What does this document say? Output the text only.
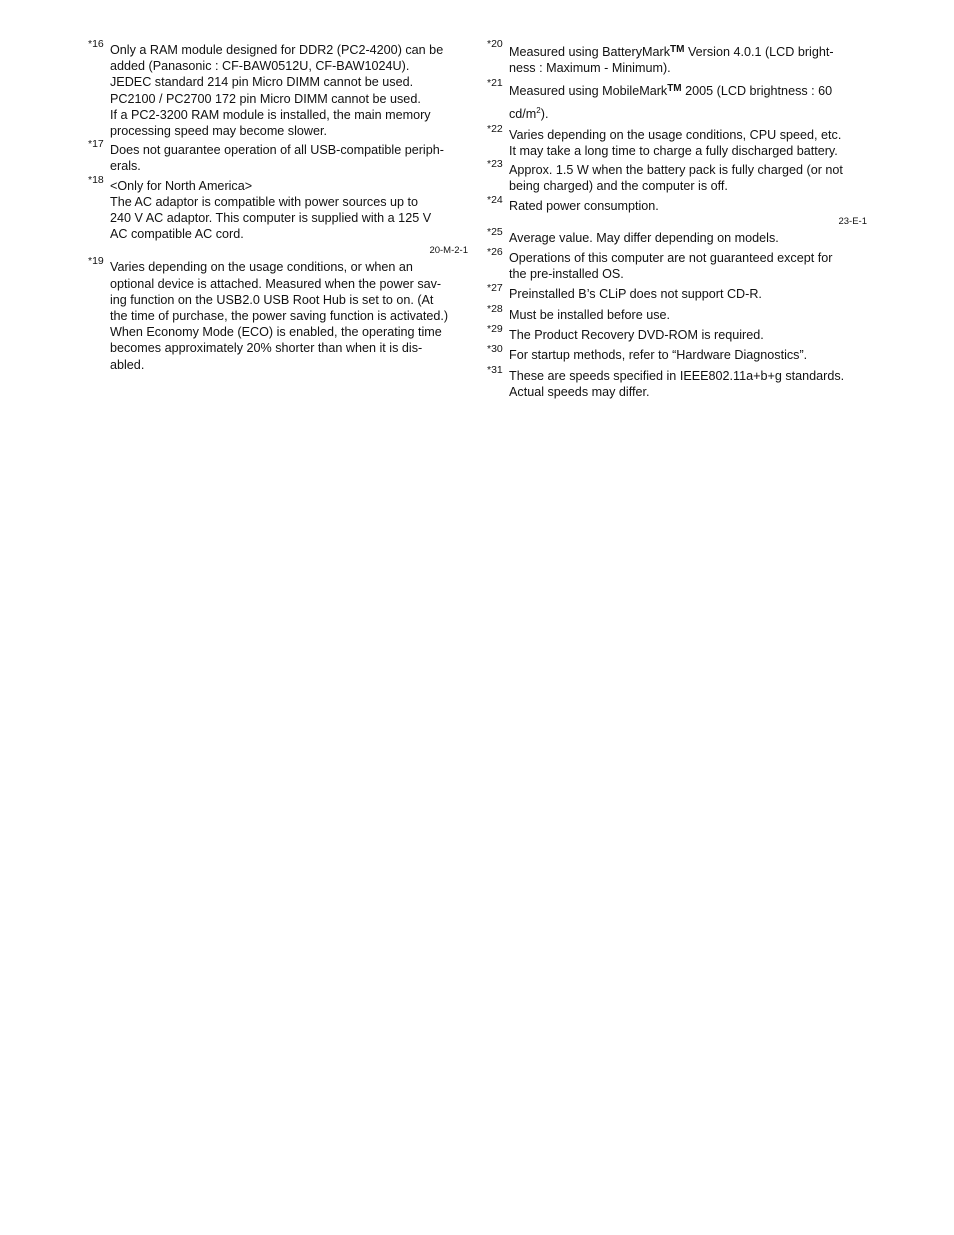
*16 Only a RAM module designed for DDR2 (PC2-4200) can be
added (Panasonic : CF-BAW0512U, CF-BAW1024U).
JEDEC standard 214 pin Micro DIMM cannot be used.
PC2100 / PC2700 172 pin Micro DIMM cannot be used.
If a PC2-3200 RAM module is installed, the main memory
processing speed may become slower.
*17 Does not guarantee operation of all USB-compatible periph-
erals.
*18 <Only for North America>
The AC adaptor is compatible with power sources up to
240 V AC adaptor. This computer is supplied with a 125 V
AC compatible AC cord.
20-M-2-1
*19 Varies depending on the usage conditions, or when an
optional device is attached. Measured when the power sav-
ing function on the USB2.0 USB Root Hub is set to on. (At
the time of purchase, the power saving function is activated.)
When Economy Mode (ECO) is enabled, the operating time
becomes approximately 20% shorter than when it is dis-
abled.
*20
Measured using BatteryMark™ Version 4.0.1 (LCD bright-
ness : Maximum - Minimum).
*21
Measured using MobileMark™ 2005 (LCD brightness : 60
$cd/m^2$).
*22 Varies depending on the usage conditions, CPU speed, etc.
It may take a long time to charge a fully discharged battery.
*23 Approx. 1.5 W when the battery pack is fully charged (or not
being charged) and the computer is off.
*24 Rated power consumption.
23-E-1
*25 Average value. May differ depending on models.
*26 Operations of this computer are not guaranteed except for
the pre-installed OS.
*27 Preinstalled B’s CLiP does not support CD-R.
*28 Must be installed before use.
*29 The Product Recovery DVD-ROM is required.
*30 For startup methods, refer to “Hardware Diagnostics”.
*31 These are speeds specified in IEEE802.11a+b+g standards.
Actual speeds may differ.
